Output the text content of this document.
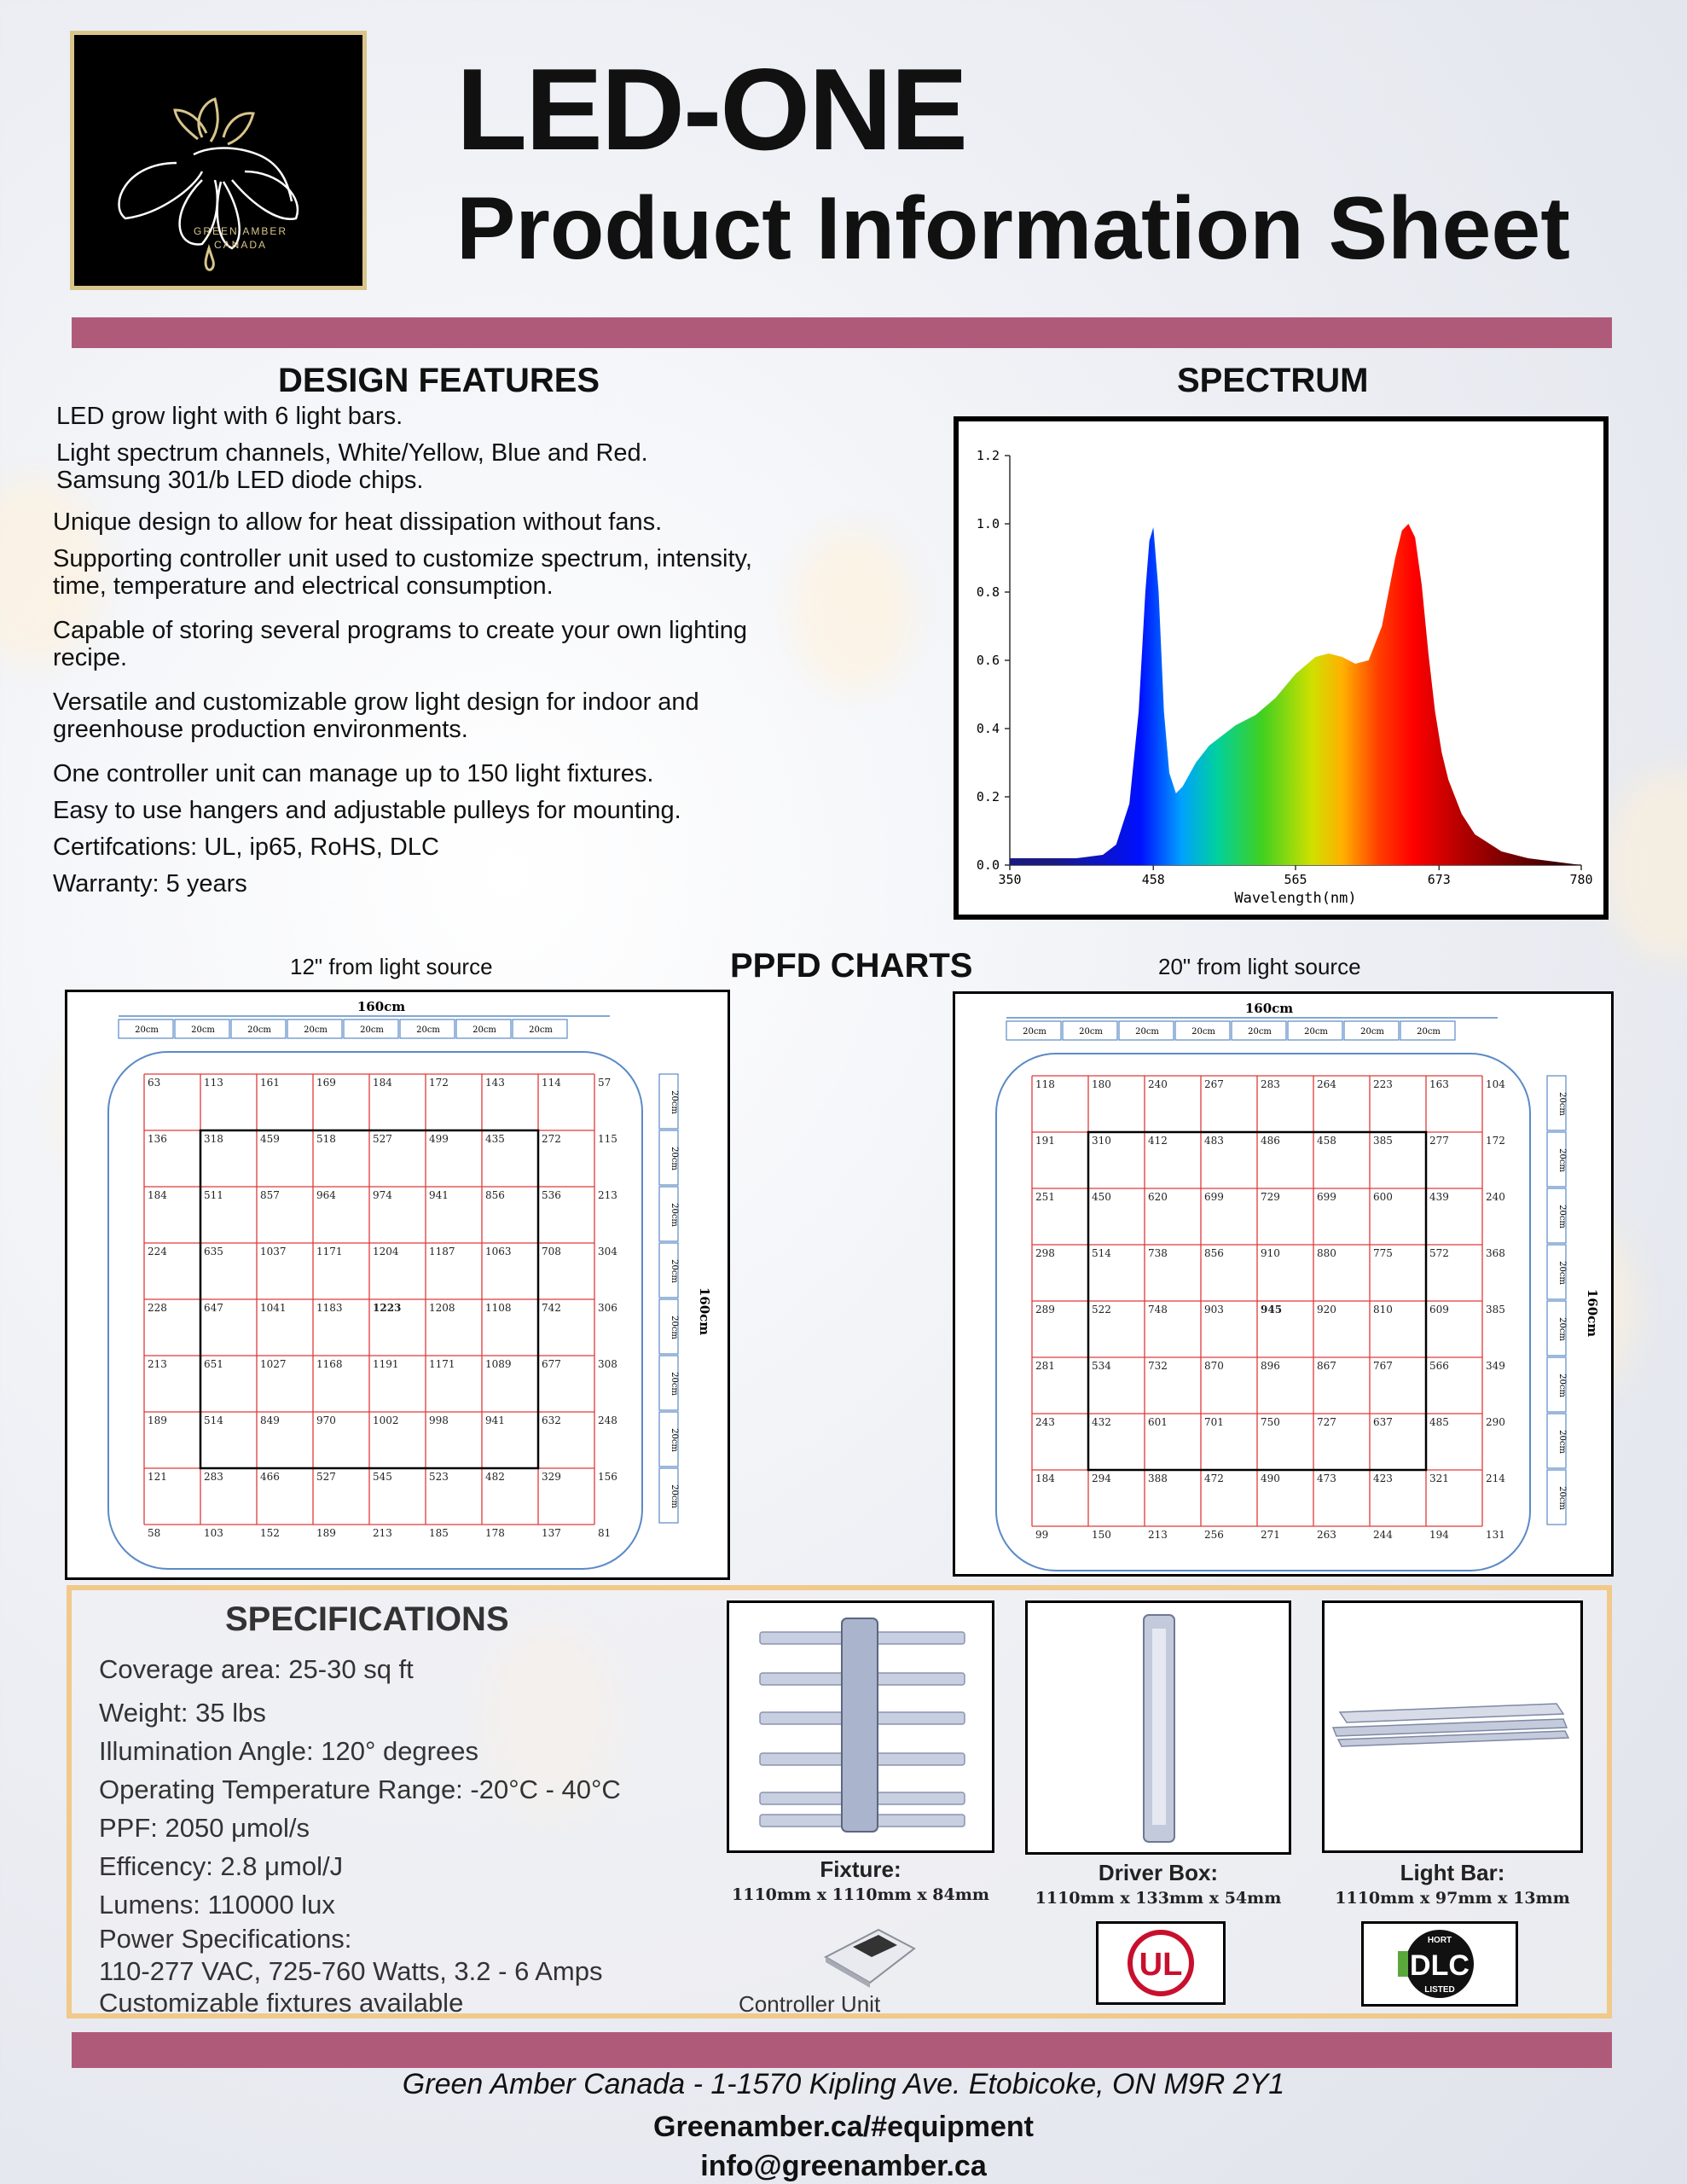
GREEN AMBER
CANADA
LED-ONE
Product Information Sheet
DESIGN FEATURES

LED grow light with 6 light bars.

Light spectrum channels, White/Yellow, Blue and Red. Samsung 301/b LED diode chips.

Unique design to allow for heat dissipation without fans.

Supporting controller unit used to customize spectrum, intensity, time, temperature and electrical consumption.

Capable of storing several programs to create your own lighting recipe.

Versatile and customizable grow light design for indoor and greenhouse production environments.

One controller unit can manage up to 150 light fixtures.

Easy to use hangers and adjustable pulleys for mounting.

Certifcations: UL, ip65, RoHS, DLC

Warranty: 5 years

SPECTRUM
0.0
0.2
0.4
0.6
0.8
1.0
1.2
350	458	565	673	780
Wavelength(nm)
PPFD CHARTS
12" from light source	20" from light source
160cm
20cm	20cm	20cm	20cm	20cm	20cm	20cm	20cm
20cm
20cm
20cm
20cm
20cm
20cm
20cm
20cm
160cm
63	113	161	169	184	172	143	114	57
136	318	459	518	527	499	435	272	115
184	511	857	964	974	941	856	536	213
224	635	1037	1171	1204	1187	1063	708	304
228	647	1041	1183	1223	1208	1108	742	306
213	651	1027	1168	1191	1171	1089	677	308
189	514	849	970	1002	998	941	632	248
121	283	466	527	545	523	482	329	156
58	103	152	189	213	185	178	137	81
160cm
20cm	20cm	20cm	20cm	20cm	20cm	20cm	20cm
20cm
20cm
20cm
20cm
20cm
20cm
20cm
20cm
160cm
118	180	240	267	283	264	223	163	104
191	310	412	483	486	458	385	277	172
251	450	620	699	729	699	600	439	240
298	514	738	856	910	880	775	572	368
289	522	748	903	945	920	810	609	385
281	534	732	870	896	867	767	566	349
243	432	601	701	750	727	637	485	290
184	294	388	472	490	473	423	321	214
99	150	213	256	271	263	244	194	131
SPECIFICATIONS
Coverage area: 25-30 sq ft
Weight: 35 lbs
Illumination Angle: 120° degrees
Operating Temperature Range: -20°C - 40°C
PPF: 2050 μmol/s
Efficency: 2.8 μmol/J
Lumens: 110000 lux
Power Specifications:
110-277 VAC, 725-760 Watts, 3.2 - 6 Amps
Customizable fixtures available
Fixture:
1110mm x 1110mm x 84mm
Driver Box:
1110mm x 133mm x 54mm
Light Bar:
1110mm x 97mm x 13mm
Controller Unit
UL
HORT
DLC
LISTED
Green Amber Canada - 1-1570 Kipling Ave. Etobicoke, ON M9R 2Y1
Greenamber.ca/#equipment
info@greenamber.ca
